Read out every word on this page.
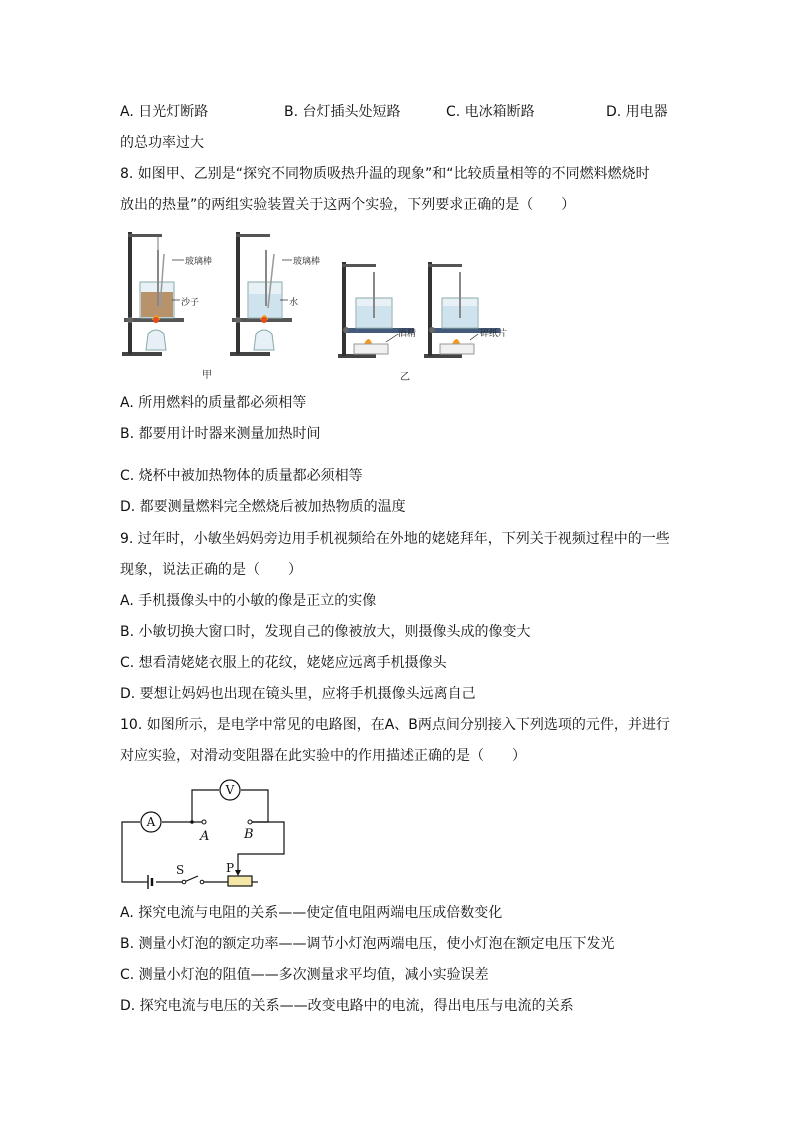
A. 日光灯断路	B. 台灯插头处短路	C. 电冰箱断路	D. 用电器
的总功率过大
8. 如图甲、乙别是“探究不同物质吸热升温的现象”和“比较质量相等的不同燃料燃烧时
放出的热量”的两组实验装置关于这两个实验，下列要求正确的是（　　）
玻璃棒
沙子
玻璃棒
水
酒精	碎纸片
甲	乙
A. 所用燃料的质量都必须相等
B. 都要用计时器来测量加热时间
C. 烧杯中被加热物体的质量都必须相等
D. 都要测量燃料完全燃烧后被加热物质的温度
9. 过年时，小敏坐妈妈旁边用手机视频给在外地的姥姥拜年，下列关于视频过程中的一些
现象，说法正确的是（　　）
A. 手机摄像头中的小敏的像是正立的实像
B. 小敏切换大窗口时，发现自己的像被放大，则摄像头成的像变大
C. 想看清姥姥衣服上的花纹，姥姥应远离手机摄像头
D. 要想让妈妈也出现在镜头里，应将手机摄像头远离自己
10. 如图所示，是电学中常见的电路图，在A、B两点间分别接入下列选项的元件，并进行
对应实验，对滑动变阻器在此实验中的作用描述正确的是（　　）
A
V
A	B
S	P
A. 探究电流与电阻的关系——使定值电阻两端电压成倍数变化
B. 测量小灯泡的额定功率——调节小灯泡两端电压，使小灯泡在额定电压下发光
C. 测量小灯泡的阻值——多次测量求平均值，减小实验误差
D. 探究电流与电压的关系——改变电路中的电流，得出电压与电流的关系
